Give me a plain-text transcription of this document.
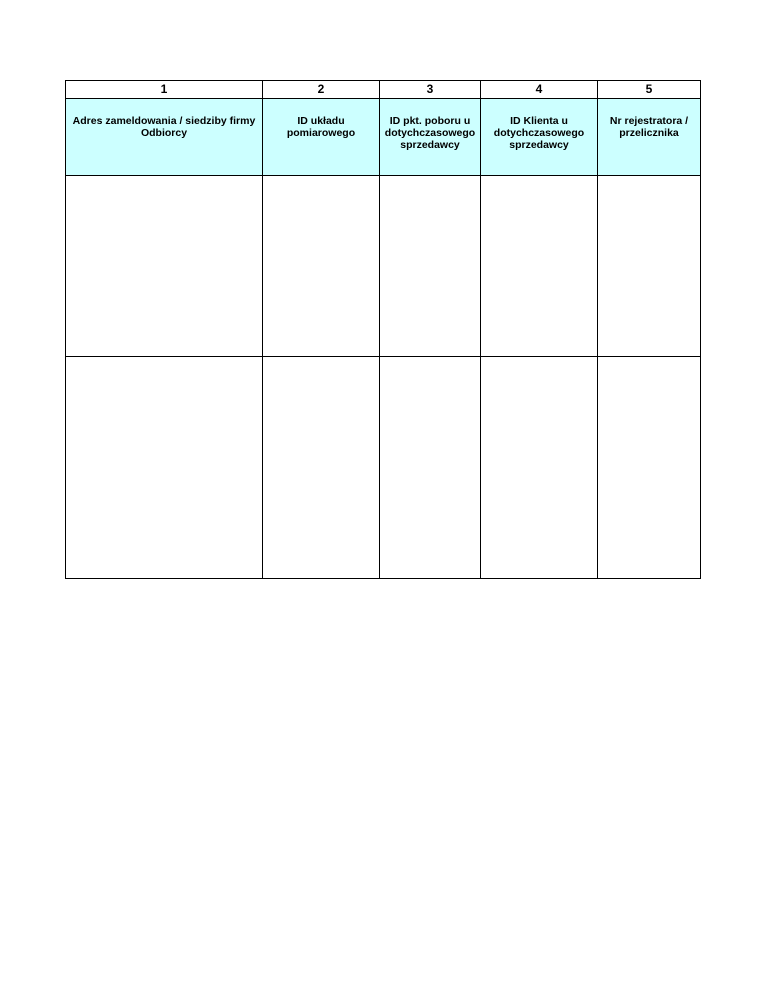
1	2	3	4	5

Adres zameldowania / siedziby firmy Odbiorcy	ID układu pomiarowego	ID pkt. poboru u dotychczasowego sprzedawcy	ID Klienta u dotychczasowego sprzedawcy	Nr rejestratora / przelicznika
